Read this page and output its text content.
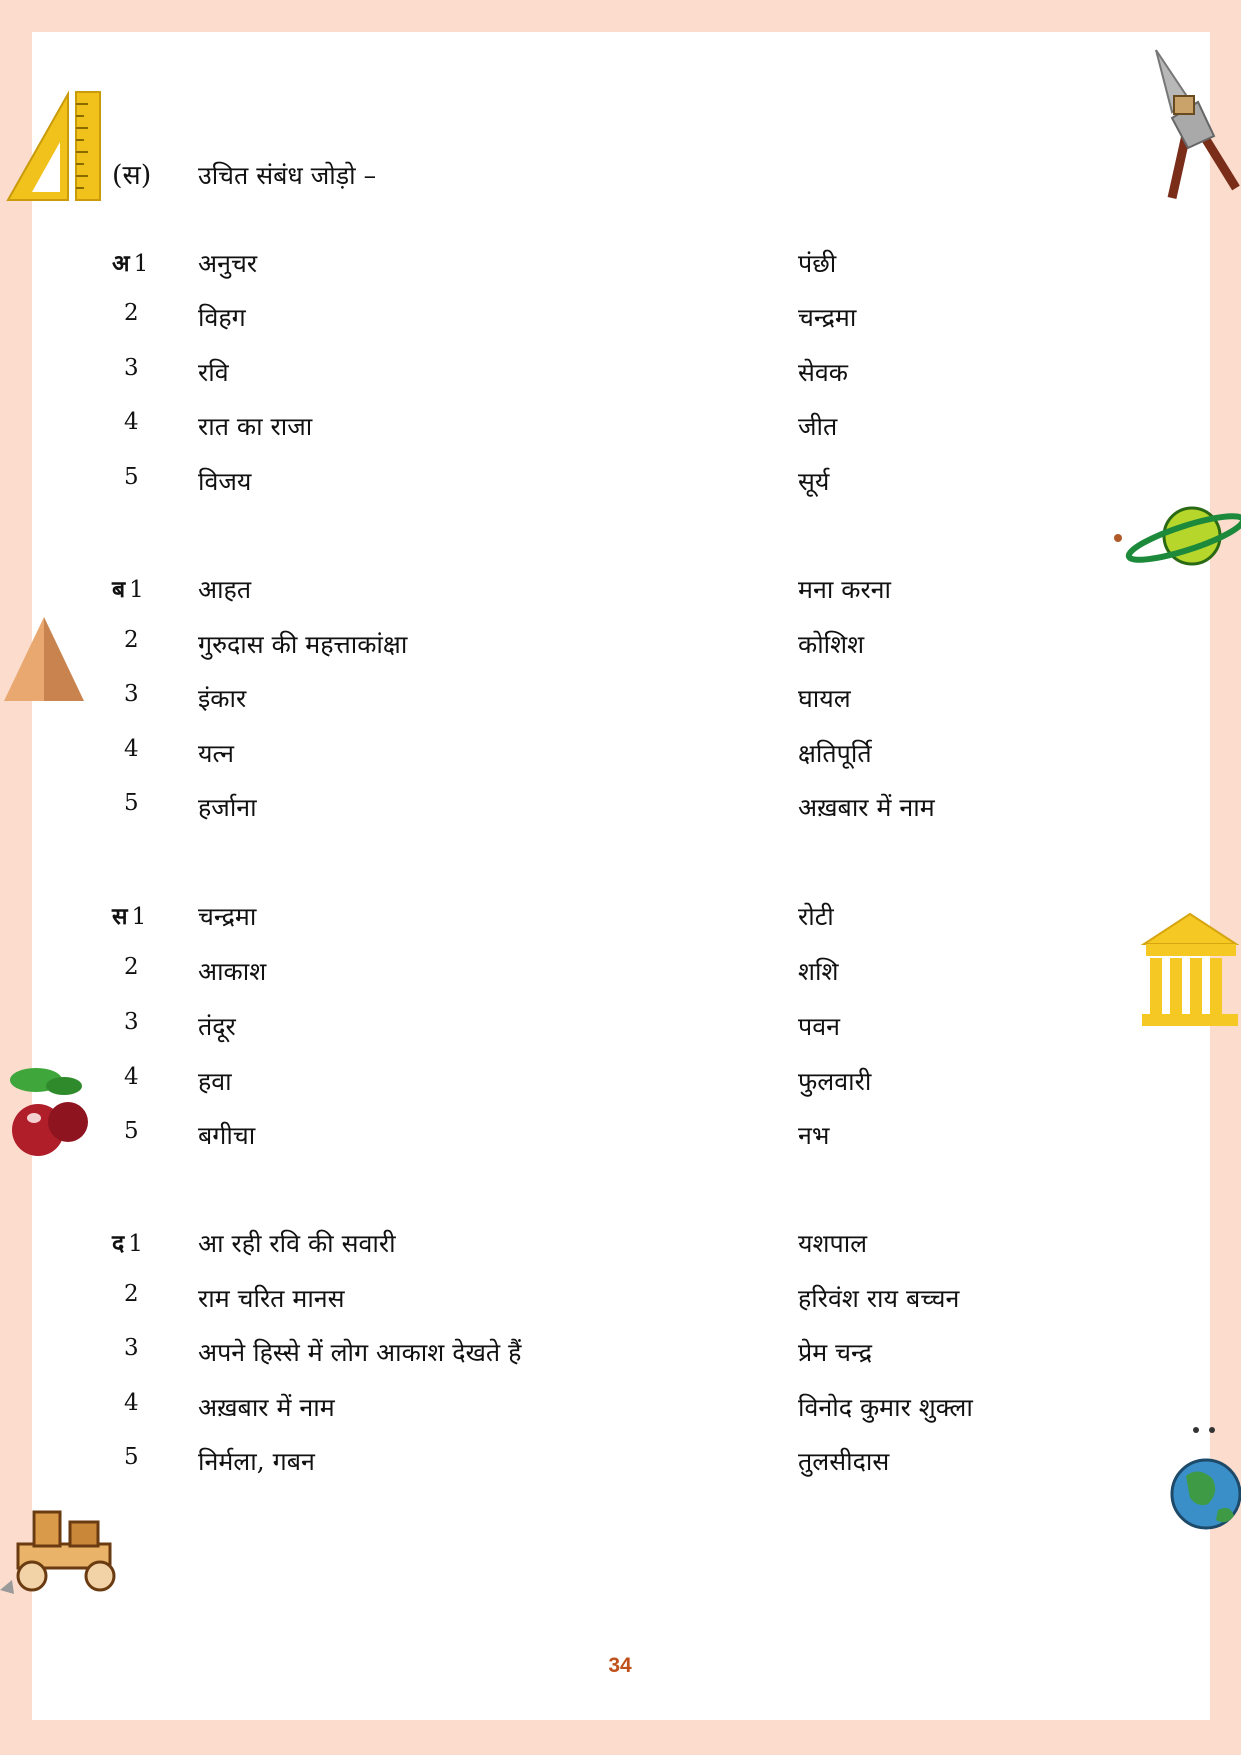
(स) उचित संबंध जोड़ो –
अ 1 अनुचर	पंछी
2 विहग	चन्द्रमा
3 रवि	सेवक
4 रात का राजा	जीत
5 विजय	सूर्य
ब 1 आहत	मना करना
2 गुरुदास की महत्ताकांक्षा	कोशिश
3 इंकार	घायल
4 यत्न	क्षतिपूर्ति
5 हर्जाना	अख़बार में नाम
स 1 चन्द्रमा	रोटी
2 आकाश	शशि
3 तंदूर	पवन
4 हवा	फुलवारी
5 बगीचा	नभ
द 1 आ रही रवि की सवारी	यशपाल
2 राम चरित मानस	हरिवंश राय बच्चन
3 अपने हिस्से में लोग आकाश देखते हैं	प्रेम चन्द्र
4 अख़बार में नाम	विनोद कुमार शुक्ला
5 निर्मला, गबन	तुलसीदास
34
